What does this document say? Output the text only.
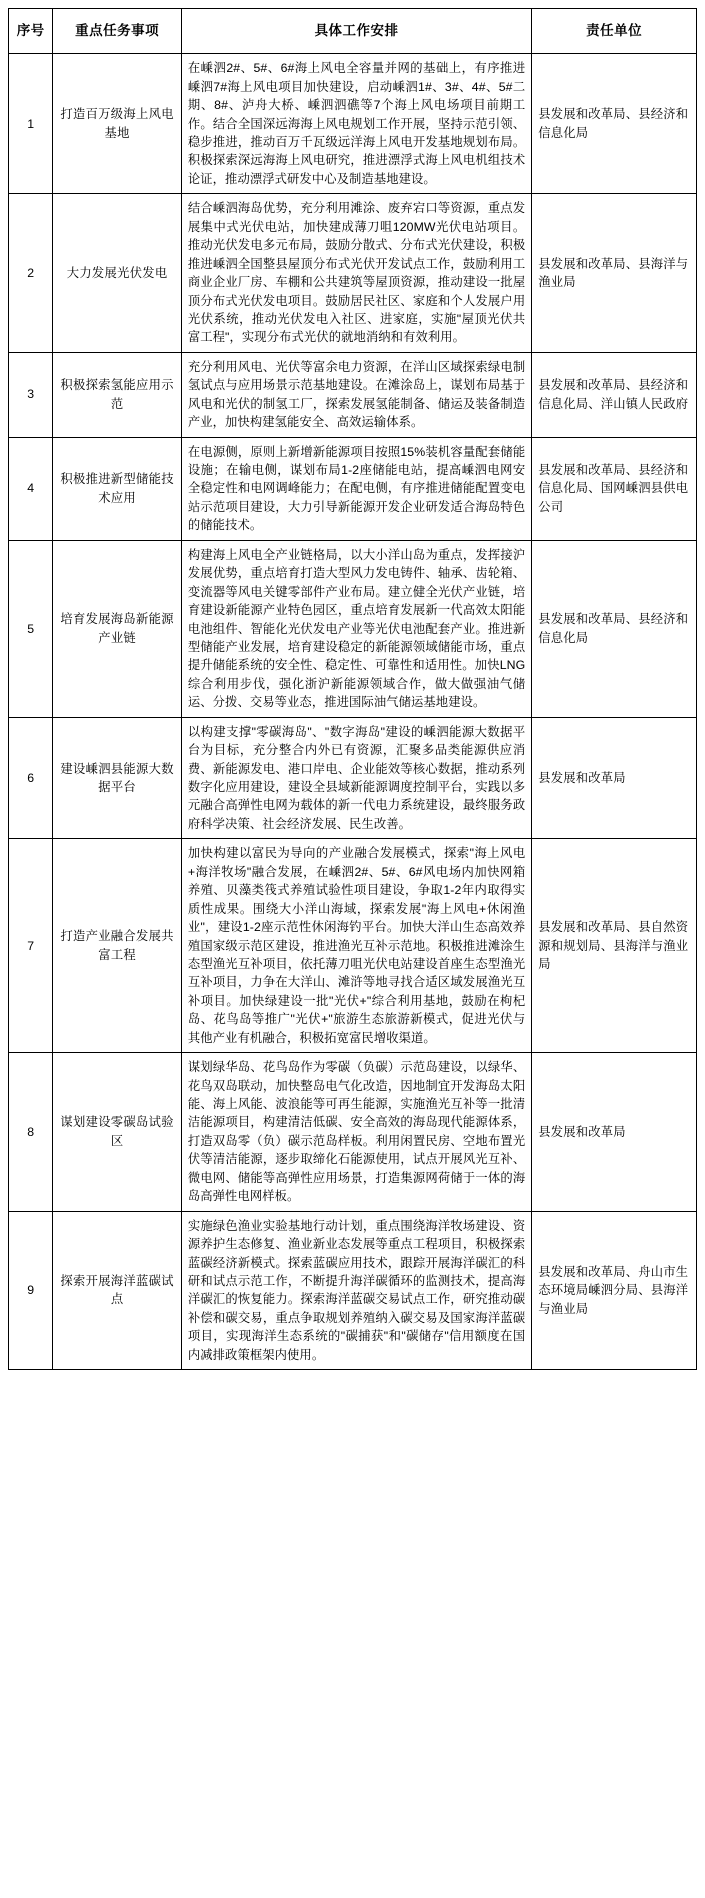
序号	重点任务事项	具体工作安排	责任单位
1	打造百万级海上风电基地	在嵊泗2#、5#、6#海上风电全容量并网的基础上，有序推进嵊泗7#海上风电项目加快建设，启动嵊泗1#、3#、4#、5#二期、8#、泸舟大桥、嵊泗泗礁等7个海上风电场项目前期工作。结合全国深远海海上风电规划工作开展，坚持示范引领、稳步推进，推动百万千瓦级远洋海上风电开发基地规划布局。积极探索深远海海上风电研究，推进漂浮式海上风电机组技术论证，推动漂浮式研发中心及制造基地建设。	县发展和改革局、县经济和信息化局
2	大力发展光伏发电	结合嵊泗海岛优势，充分利用滩涂、废弃宕口等资源，重点发展集中式光伏电站，加快建成薄刀咀120MW光伏电站项目。推动光伏发电多元布局，鼓励分散式、分布式光伏建设，积极推进嵊泗全国整县屋顶分布式光伏开发试点工作，鼓励利用工商业企业厂房、车棚和公共建筑等屋顶资源，推动建设一批屋顶分布式光伏发电项目。鼓励居民社区、家庭和个人发展户用光伏系统，推动光伏发电入社区、进家庭，实施"屋顶光伏共富工程"，实现分布式光伏的就地消纳和有效利用。	县发展和改革局、县海洋与渔业局
3	积极探索氢能应用示范	充分利用风电、光伏等富余电力资源，在洋山区域探索绿电制氢试点与应用场景示范基地建设。在滩涂岛上，谋划布局基于风电和光伏的制氢工厂，探索发展氢能制备、储运及装备制造产业，加快构建氢能安全、高效运输体系。	县发展和改革局、县经济和信息化局、洋山镇人民政府
4	积极推进新型储能技术应用	在电源侧，原则上新增新能源项目按照15%装机容量配套储能设施；在输电侧，谋划布局1-2座储能电站，提高嵊泗电网安全稳定性和电网调峰能力；在配电侧，有序推进储能配置变电站示范项目建设，大力引导新能源开发企业研发适合海岛特色的储能技术。	县发展和改革局、县经济和信息化局、国网嵊泗县供电公司
5	培育发展海岛新能源产业链	构建海上风电全产业链格局，以大小洋山岛为重点，发挥接沪发展优势，重点培育打造大型风力发电铸件、轴承、齿轮箱、变流器等风电关键零部件产业布局。建立健全光伏产业链，培育建设新能源产业特色园区，重点培育发展新一代高效太阳能电池组件、智能化光伏发电产业等光伏电池配套产业。推进新型储能产业发展，培育建设稳定的新能源领域储能市场，重点提升储能系统的安全性、稳定性、可靠性和适用性。加快LNG综合利用步伐，强化浙沪新能源领域合作，做大做强油气储运、分拨、交易等业态，推进国际油气储运基地建设。	县发展和改革局、县经济和信息化局
6	建设嵊泗县能源大数据平台	以构建支撑"零碳海岛"、"数字海岛"建设的嵊泗能源大数据平台为目标，充分整合内外已有资源，汇聚多品类能源供应消费、新能源发电、港口岸电、企业能效等核心数据，推动系列数字化应用建设，建设全县域新能源调度控制平台，实践以多元融合高弹性电网为载体的新一代电力系统建设，最终服务政府科学决策、社会经济发展、民生改善。	县发展和改革局
7	打造产业融合发展共富工程	加快构建以富民为导向的产业融合发展模式，探索"海上风电+海洋牧场"融合发展，在嵊泗2#、5#、6#风电场内加快网箱养殖、贝藻类筏式养殖试验性项目建设，争取1-2年内取得实质性成果。围绕大小洋山海域，探索发展"海上风电+休闲渔业"，建设1-2座示范性休闲海钓平台。加快大洋山生态高效养殖国家级示范区建设，推进渔光互补示范地。积极推进滩涂生态型渔光互补项目，依托薄刀咀光伏电站建设首座生态型渔光互补项目，力争在大洋山、滩浒等地寻找合适区域发展渔光互补项目。加快绿建设一批"光伏+"综合利用基地，鼓励在枸杞岛、花鸟岛等推广"光伏+"旅游生态旅游新模式，促进光伏与其他产业有机融合，积极拓宽富民增收渠道。	县发展和改革局、县自然资源和规划局、县海洋与渔业局
8	谋划建设零碳岛试验区	谋划绿华岛、花鸟岛作为零碳（负碳）示范岛建设，以绿华、花鸟双岛联动，加快整岛电气化改造，因地制宜开发海岛太阳能、海上风能、波浪能等可再生能源，实施渔光互补等一批清洁能源项目，构建清洁低碳、安全高效的海岛现代能源体系，打造双岛零（负）碳示范岛样板。利用闲置民房、空地布置光伏等清洁能源，逐步取缔化石能源使用，试点开展风光互补、微电网、储能等高弹性应用场景，打造集源网荷储于一体的海岛高弹性电网样板。	县发展和改革局
9	探索开展海洋蓝碳试点	实施绿色渔业实验基地行动计划，重点围绕海洋牧场建设、资源养护生态修复、渔业新业态发展等重点工程项目，积极探索蓝碳经济新模式。探索蓝碳应用技术，跟踪开展海洋碳汇的科研和试点示范工作，不断提升海洋碳循环的监测技术，提高海洋碳汇的恢复能力。探索海洋蓝碳交易试点工作，研究推动碳补偿和碳交易，重点争取规划养殖纳入碳交易及国家海洋蓝碳项目，实现海洋生态系统的"碳捕获"和"碳储存"信用额度在国内减排政策框架内使用。	县发展和改革局、舟山市生态环境局嵊泗分局、县海洋与渔业局
